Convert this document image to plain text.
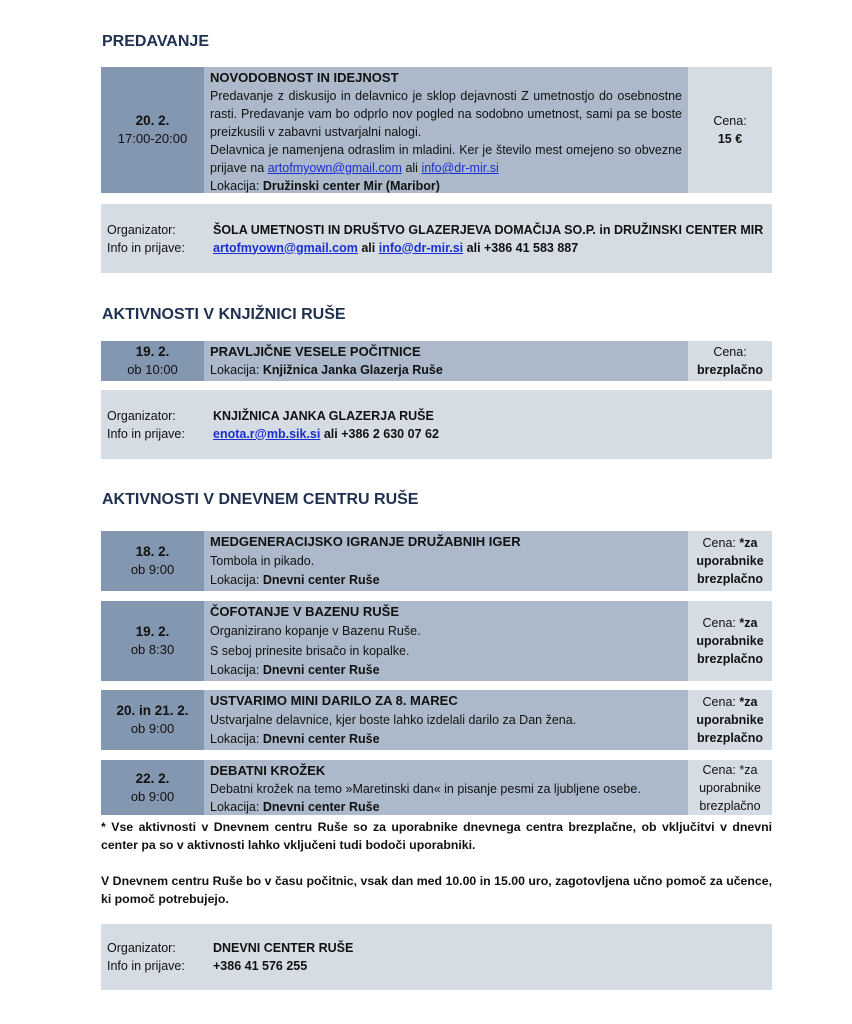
PREDAVANJE
20. 2.
17:00-20:00
NOVODOBNOST IN IDEJNOST
Predavanje z diskusijo in delavnico je sklop dejavnosti Z umetnostjo do osebnostne rasti. Predavanje vam bo odprlo nov pogled na sodobno umetnost, sami pa se boste preizkusili v zabavni ustvarjalni nalogi.
Delavnica je namenjena odraslim in mladini. Ker je število mest omejeno so obvezne prijave na artofmyown@gmail.com ali info@dr-mir.si
Lokacija: Družinski center Mir (Maribor)
Cena:
15 €
Organizator:
Info in prijave:
ŠOLA UMETNOSTI IN DRUŠTVO GLAZERJEVA DOMAČIJA SO.P. in DRUŽINSKI CENTER MIR
artofmyown@gmail.com ali info@dr-mir.si ali +386 41 583 887
AKTIVNOSTI V KNJIŽNICI RUŠE
19. 2.
ob 10:00
PRAVLJIČNE VESELE POČITNICE
Lokacija: Knjižnica Janka Glazerja Ruše
Cena:
brezplačno
Organizator:
Info in prijave:
KNJIŽNICA JANKA GLAZERJA RUŠE
enota.r@mb.sik.si ali +386 2 630 07 62
AKTIVNOSTI V DNEVNEM CENTRU RUŠE
18. 2.
ob 9:00
MEDGENERACIJSKO IGRANJE DRUŽABNIH IGER
Tombola in pikado.
Lokacija: Dnevni center Ruše
Cena: *za
uporabnike
brezplačno
19. 2.
ob 8:30
ČOFOTANJE V BAZENU RUŠE
Organizirano kopanje v Bazenu Ruše.
S seboj prinesite brisačo in kopalke.
Lokacija: Dnevni center Ruše
Cena: *za
uporabnike
brezplačno
20. in 21. 2.
ob 9:00
USTVARIMO MINI DARILO ZA 8. MAREC
Ustvarjalne delavnice, kjer boste lahko izdelali darilo za Dan žena.
Lokacija: Dnevni center Ruše
Cena: *za
uporabnike
brezplačno
22. 2.
ob 9:00
DEBATNI KROŽEK
Debatni krožek na temo »Maretinski dan« in pisanje pesmi za ljubljene osebe.
Lokacija: Dnevni center Ruše
Cena: *za
uporabnike
brezplačno
* Vse aktivnosti v Dnevnem centru Ruše so za uporabnike dnevnega centra brezplačne, ob vključitvi v dnevni center pa so v aktivnosti lahko vključeni tudi bodoči uporabniki.
V Dnevnem centru Ruše bo v času počitnic, vsak dan med 10.00 in 15.00 uro, zagotovljena učno pomoč za učence, ki pomoč potrebujejo.
Organizator:
Info in prijave:
DNEVNI CENTER RUŠE
+386 41 576 255
